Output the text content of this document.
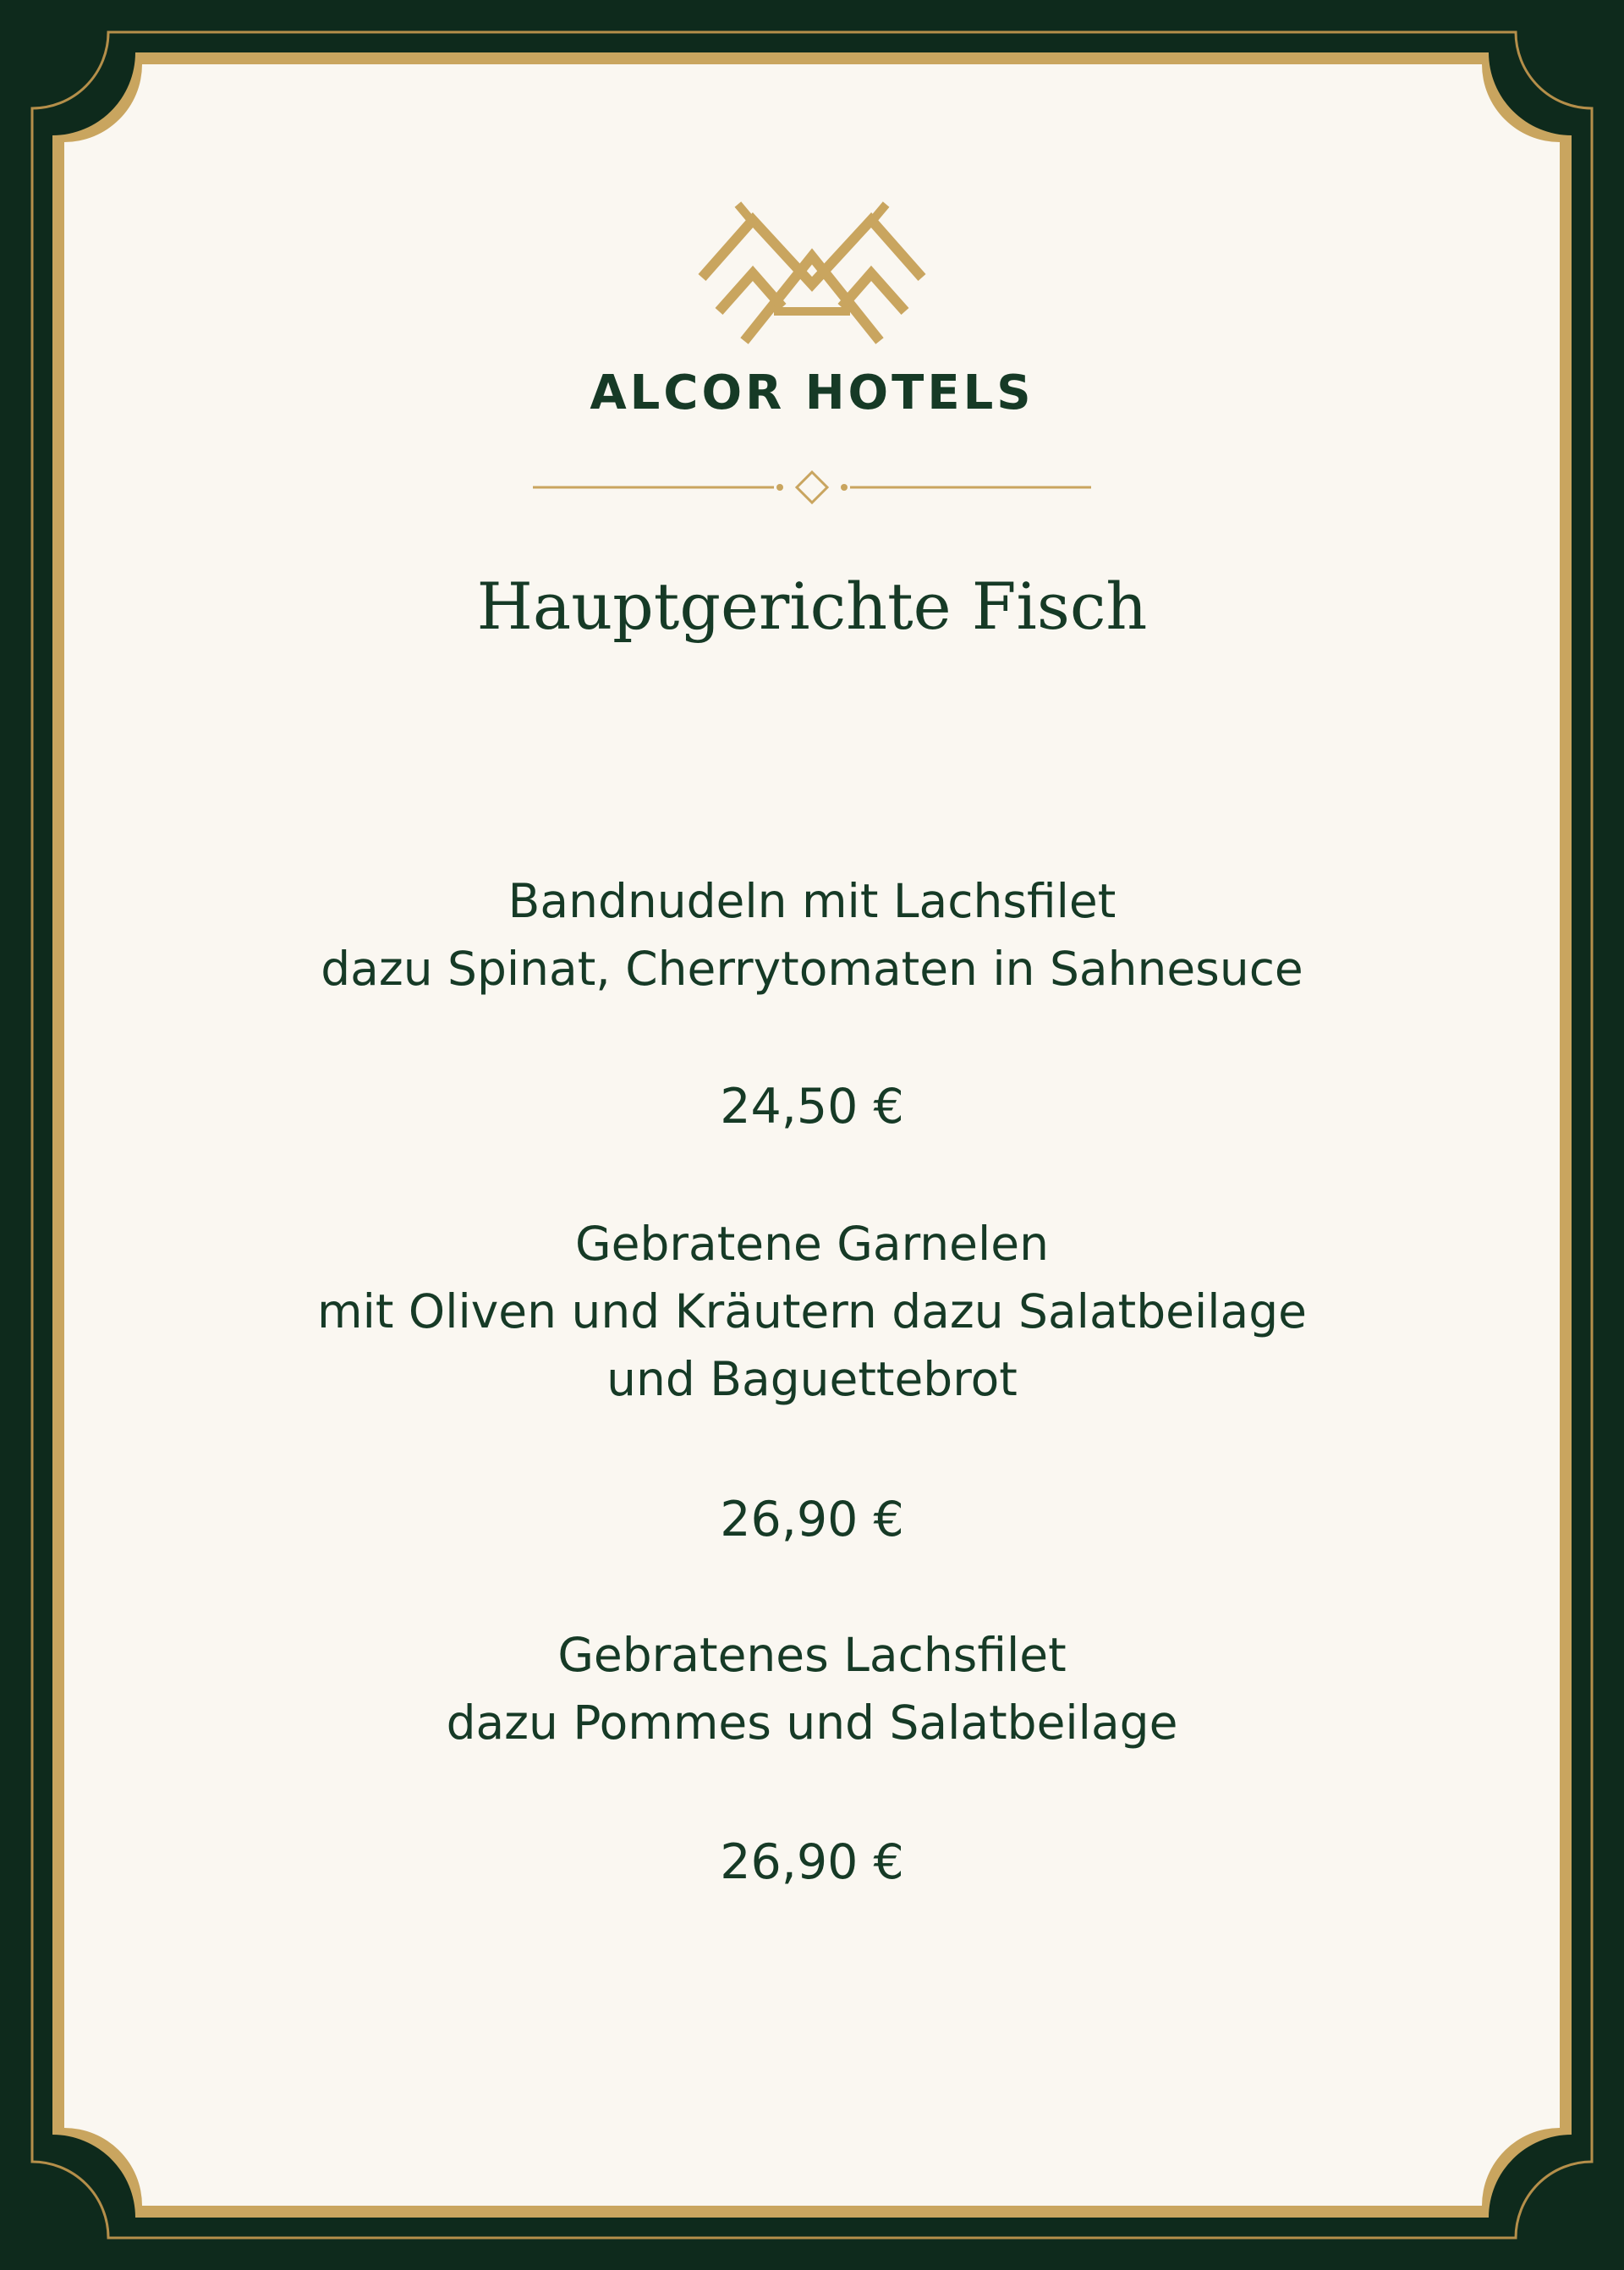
ALCOR HOTELS
Hauptgerichte Fisch
Bandnudeln mit Lachsfilet
dazu Spinat, Cherrytomaten in Sahnesuce
24,50 €
Gebratene Garnelen
mit Oliven und Kräutern dazu Salatbeilage
und Baguettebrot
26,90 €
Gebratenes Lachsfilet
dazu Pommes und Salatbeilage
26,90 €
